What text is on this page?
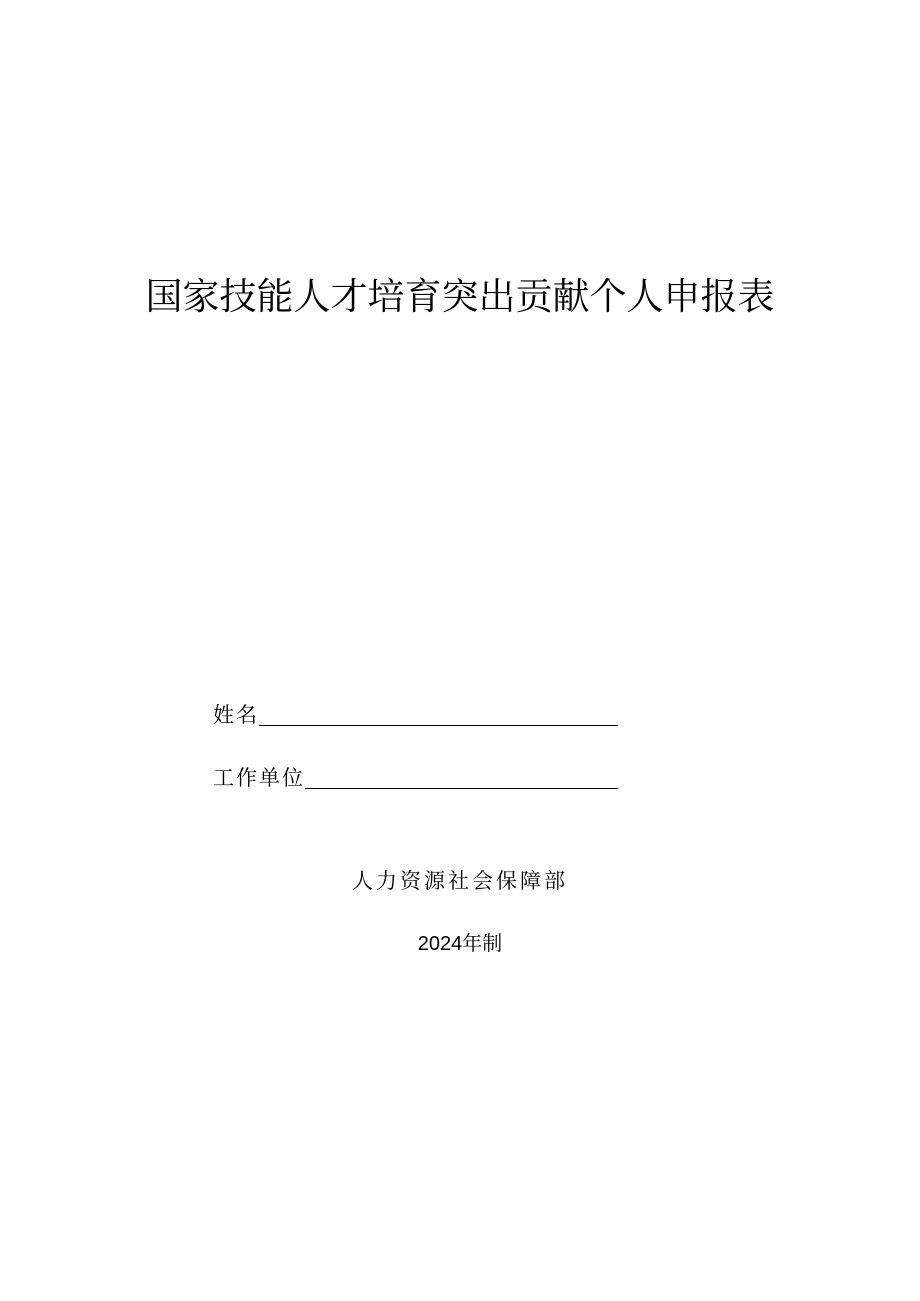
国家技能人才培育突出贡献个人申报表
姓名
工作单位
人力资源社会保障部
2024年制
